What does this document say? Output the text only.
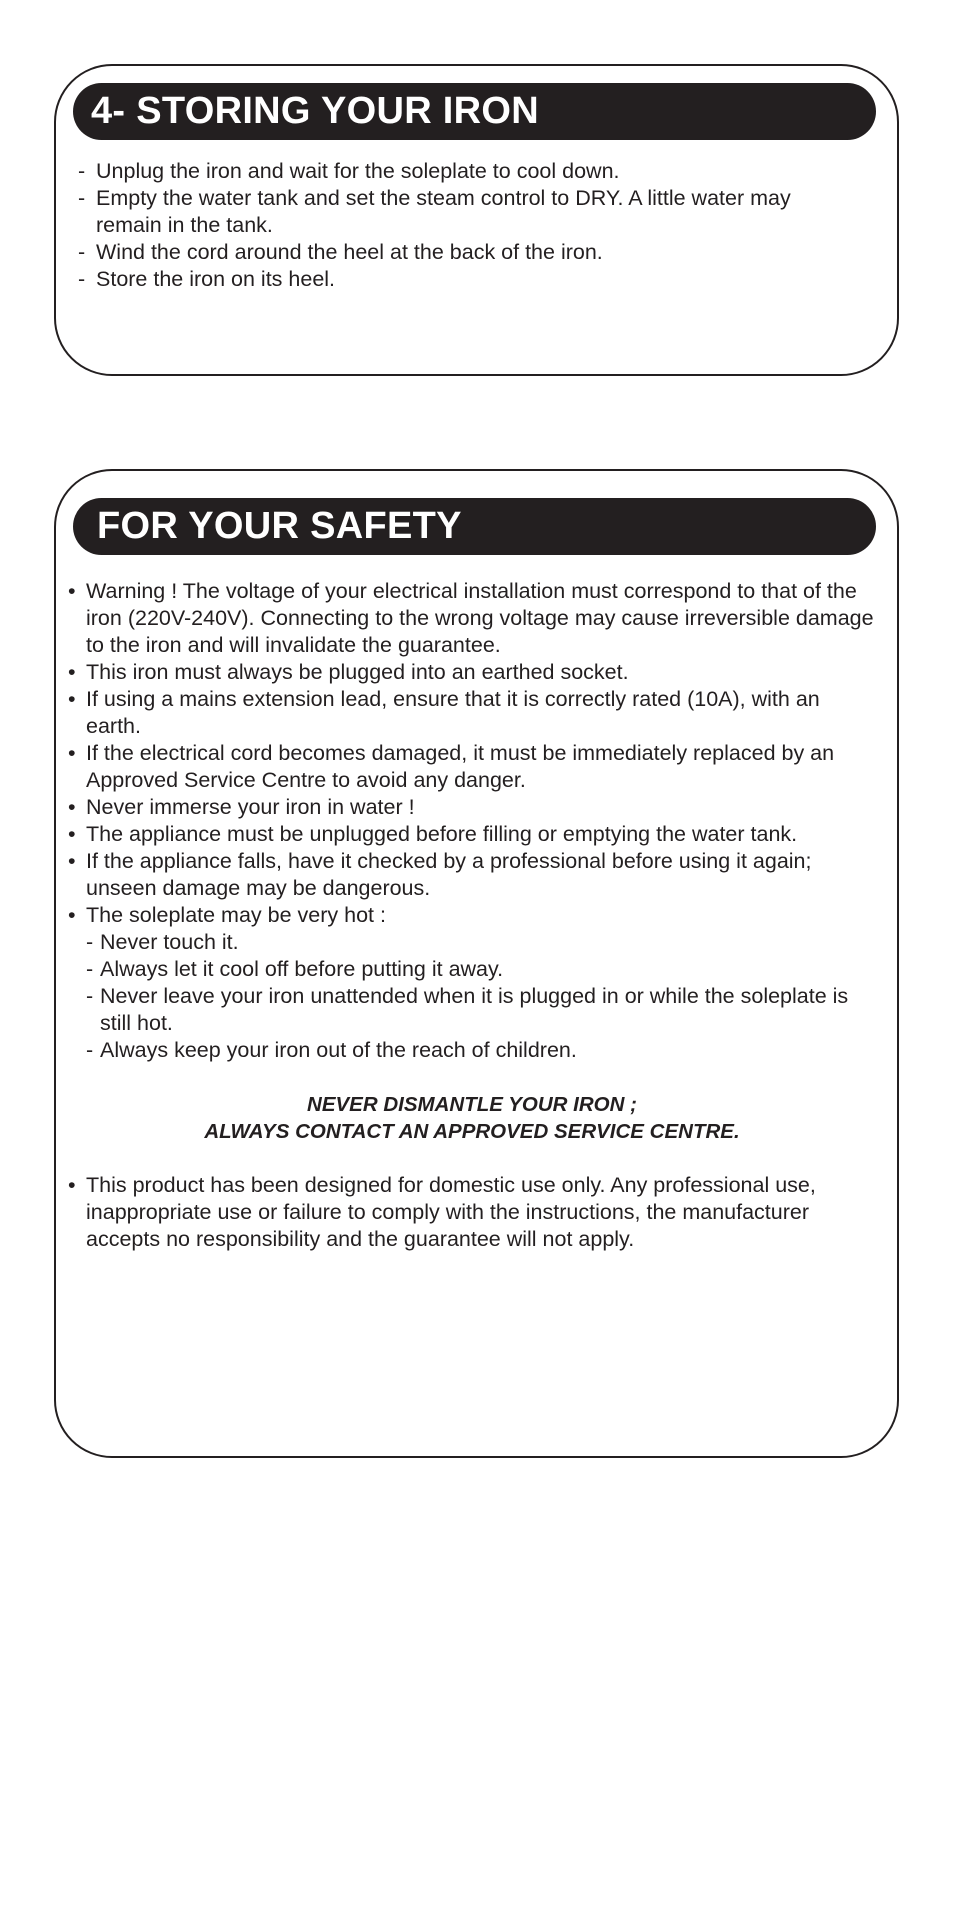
4- STORING YOUR IRON
- Unplug the iron and wait for the soleplate to cool down.
- Empty the water tank and set the steam control to DRY. A little water may remain in the tank.
- Wind the cord around the heel at the back of the iron.
- Store the iron on its heel.
FOR YOUR SAFETY
• Warning ! The voltage of your electrical installation must correspond to that of the iron (220V-240V). Connecting to the wrong voltage may cause irreversible damage to the iron and will invalidate the guarantee.
• This iron must always be plugged into an earthed socket.
• If using a mains extension lead, ensure that it is correctly rated (10A), with an earth.
• If the electrical cord becomes damaged, it must be immediately replaced by an Approved Service Centre to avoid any danger.
• Never immerse your iron in water !
• The appliance must be unplugged before filling or emptying the water tank.
• If the appliance falls, have it checked by a professional before using it again; unseen damage may be dangerous.
• The soleplate may be very hot :
- Never touch it.
- Always let it cool off before putting it away.
- Never leave your iron unattended when it is plugged in or while the soleplate is still hot.
- Always keep your iron out of the reach of children.
NEVER DISMANTLE YOUR IRON ;
ALWAYS CONTACT AN APPROVED SERVICE CENTRE.
• This product has been designed for domestic use only. Any professional use, inappropriate use or failure to comply with the instructions, the manufacturer accepts no responsibility and the guarantee will not apply.
